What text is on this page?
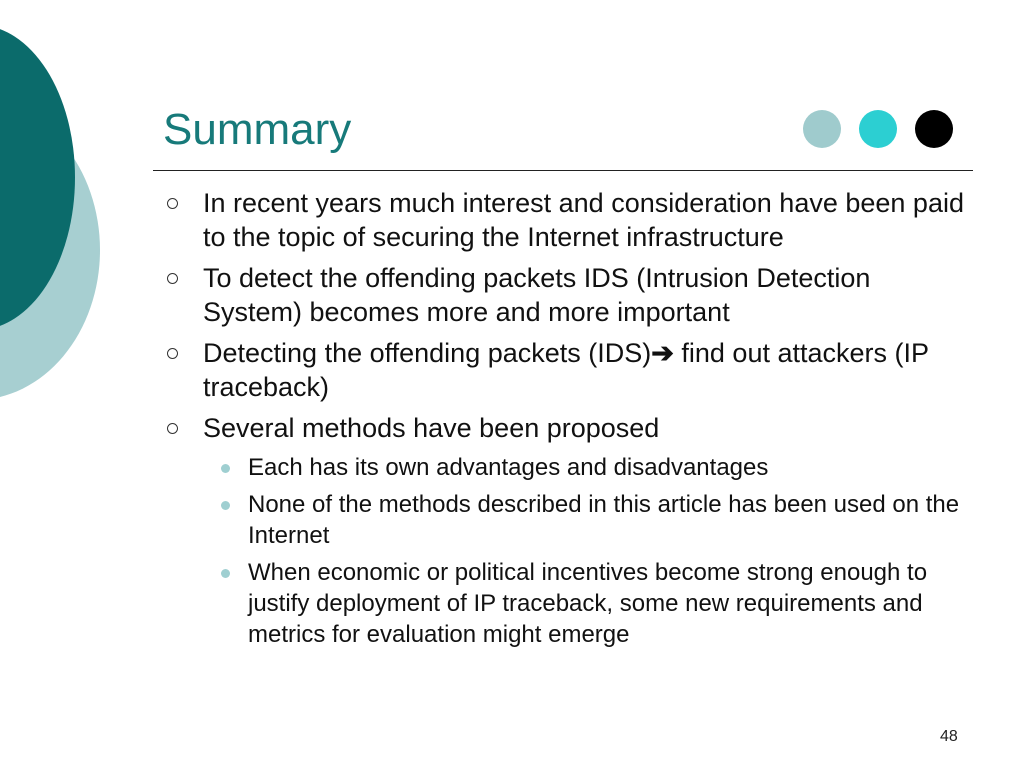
Summary
In recent years much interest and consideration have been paid to the topic of securing the Internet infrastructure
To detect the offending packets IDS (Intrusion Detection System) becomes more and more important
Detecting the offending packets (IDS)➔ find out attackers (IP traceback)
Several methods have been proposed
Each has its own advantages and disadvantages
None of the methods described in this article has been used on the Internet
When economic or political incentives become strong enough to justify deployment of IP traceback, some new requirements and metrics for evaluation might emerge
48
